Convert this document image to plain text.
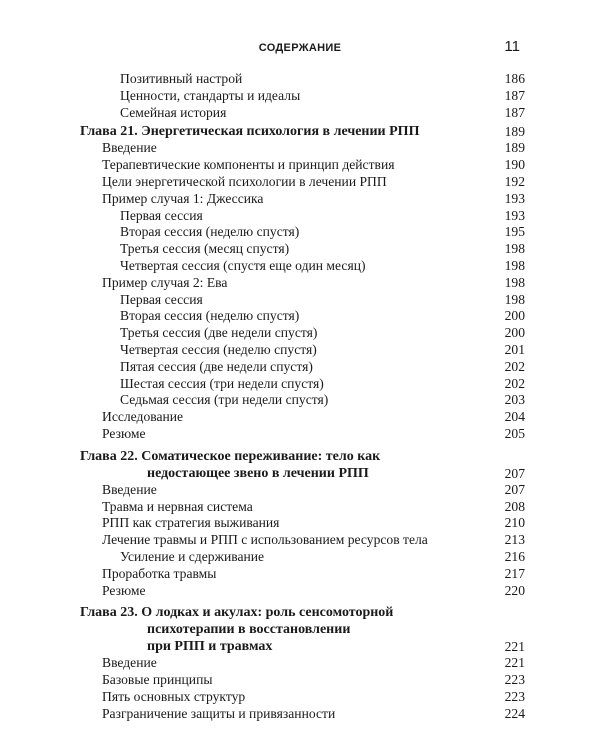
СОДЕРЖАНИЕ	11
Позитивный настрой	186
Ценности, стандарты и идеалы	187
Семейная история	187
Глава 21. Энергетическая психология в лечении РПП	189
Введение	189
Терапевтические компоненты и принцип действия	190
Цели энергетической психологии в лечении РПП	192
Пример случая 1: Джессика	193
Первая сессия	193
Вторая сессия (неделю спустя)	195
Третья сессия (месяц спустя)	198
Четвертая сессия (спустя еще один месяц)	198
Пример случая 2: Ева	198
Первая сессия	198
Вторая сессия (неделю спустя)	200
Третья сессия (две недели спустя)	200
Четвертая сессия (неделю спустя)	201
Пятая сессия (две недели спустя)	202
Шестая сессия (три недели спустя)	202
Седьмая сессия (три недели спустя)	203
Исследование	204
Резюме	205
Глава 22. Соматическое переживание: тело как
недостающее звено в лечении РПП	207
Введение	207
Травма и нервная система	208
РПП как стратегия выживания	210
Лечение травмы и РПП с использованием ресурсов тела	213
Усиление и сдерживание	216
Проработка травмы	217
Резюме	220
Глава 23. О лодках и акулах: роль сенсомоторной
психотерапии в восстановлении
при РПП и травмах	221
Введение	221
Базовые принципы	223
Пять основных структур	223
Разграничение защиты и привязанности	224
